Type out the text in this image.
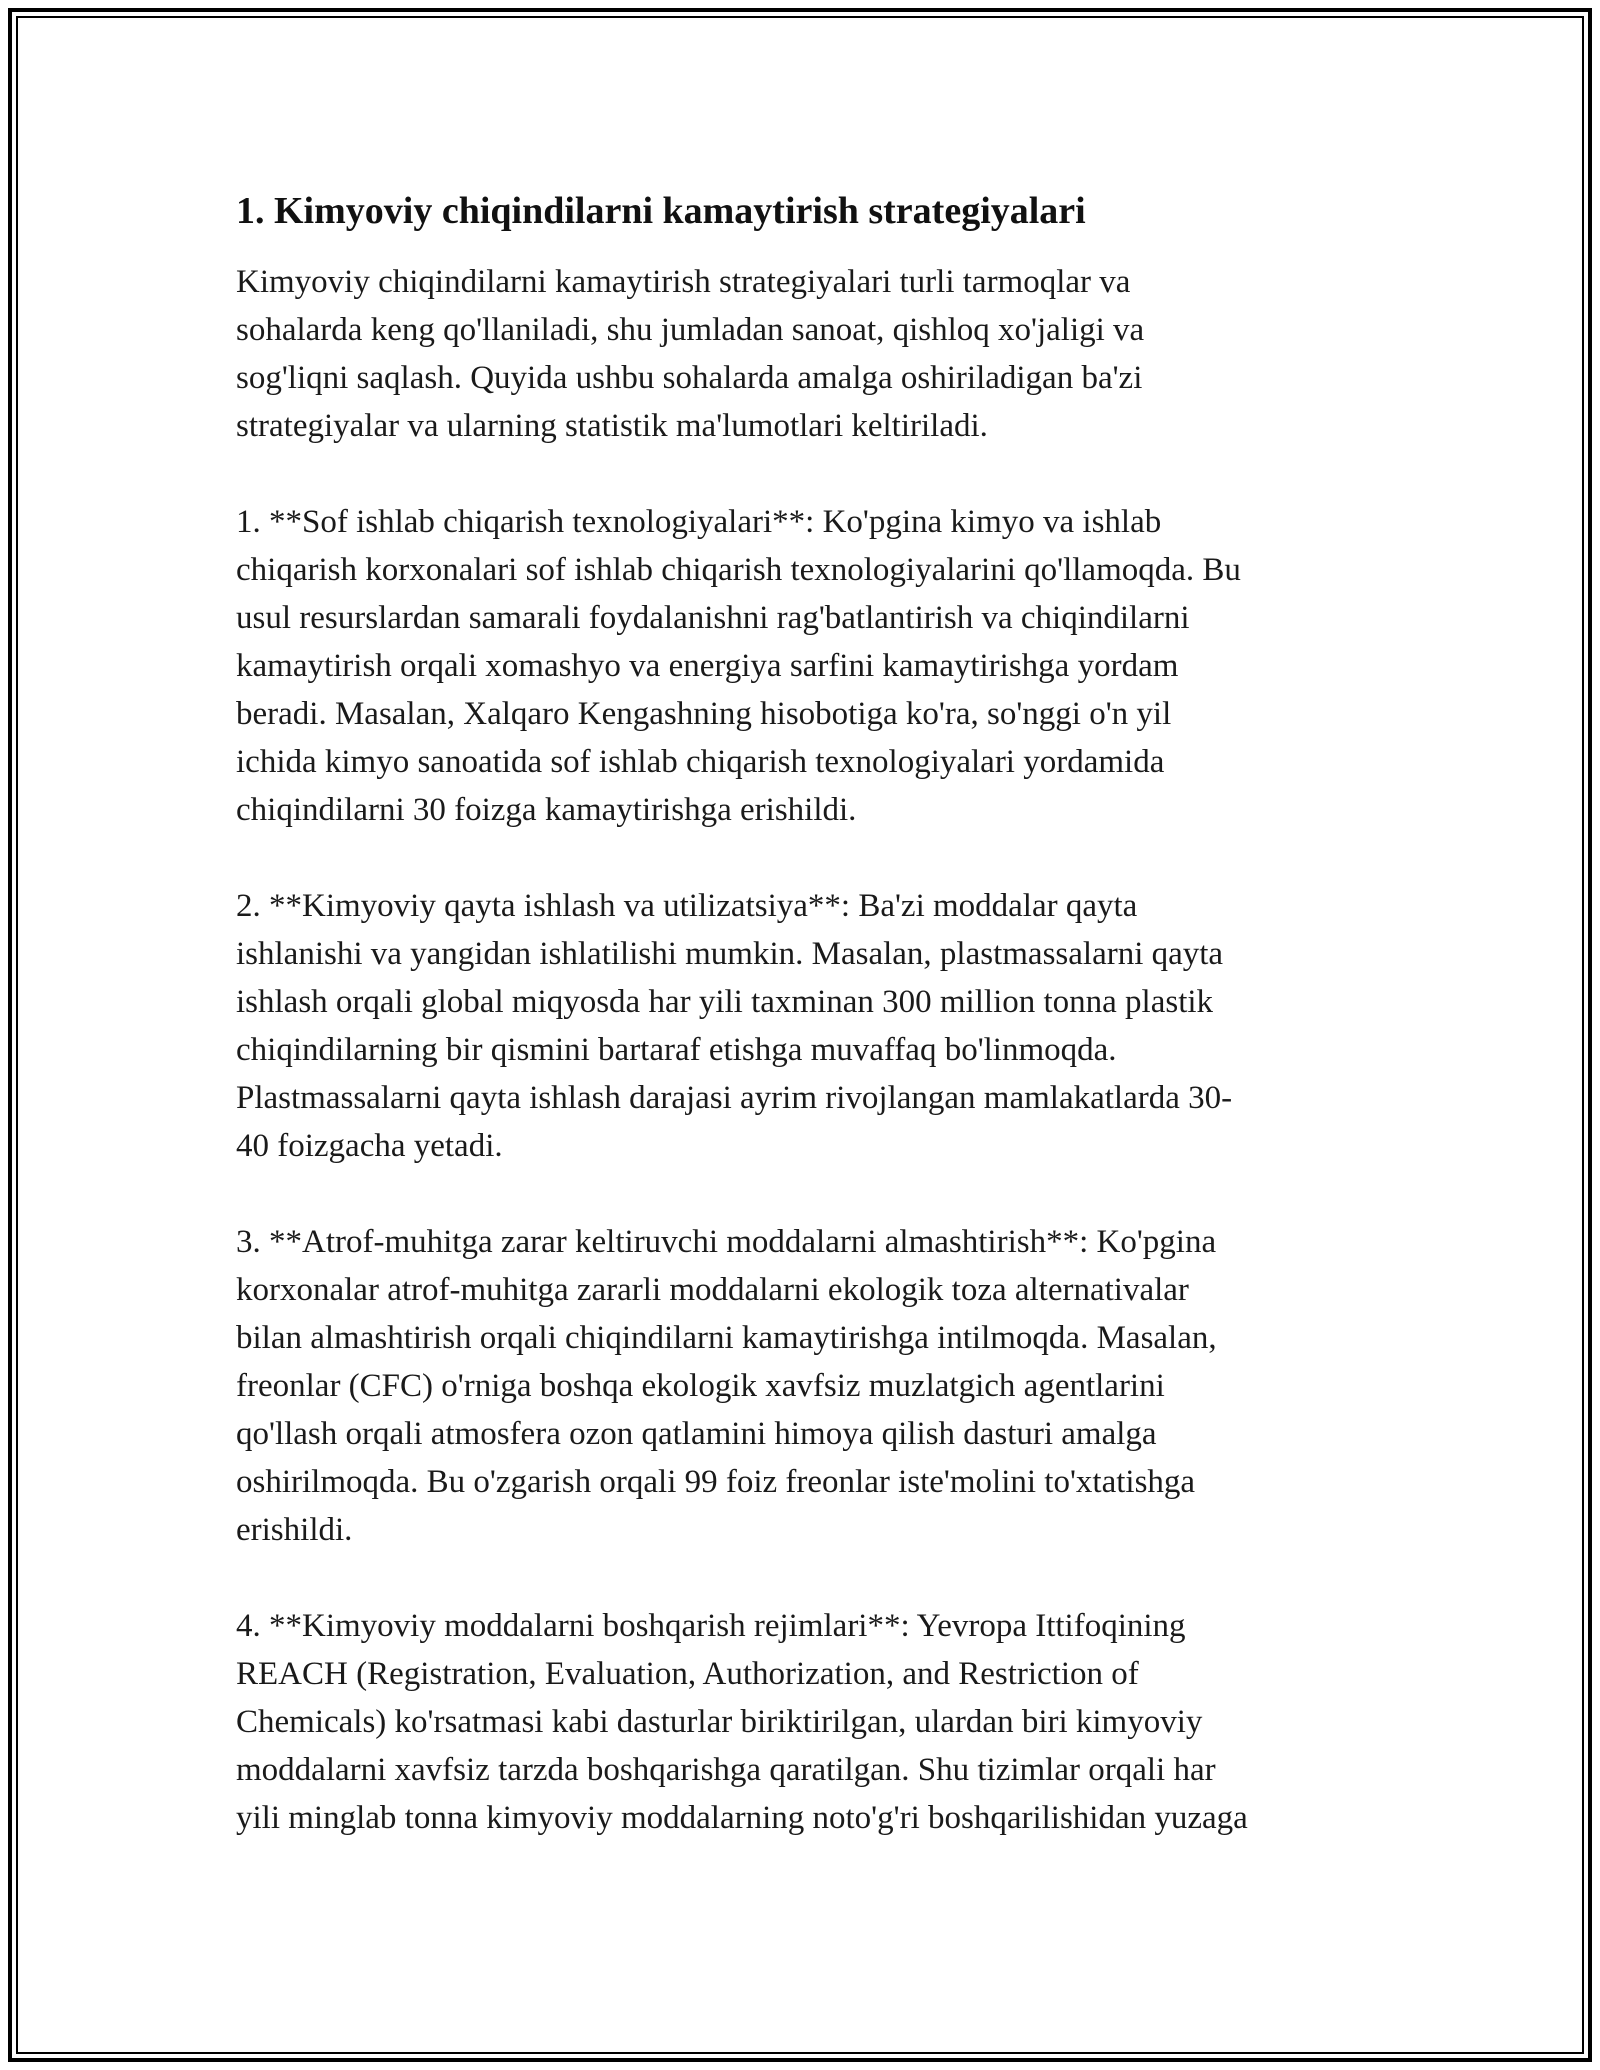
1. Kimyoviy chiqindilarni kamaytirish strategiyalari

Kimyoviy chiqindilarni kamaytirish strategiyalari turli tarmoqlar va
sohalarda keng qo'llaniladi, shu jumladan sanoat, qishloq xo'jaligi va
sog'liqni saqlash. Quyida ushbu sohalarda amalga oshiriladigan ba'zi
strategiyalar va ularning statistik ma'lumotlari keltiriladi.

1. **Sof ishlab chiqarish texnologiyalari**: Ko'pgina kimyo va ishlab
chiqarish korxonalari sof ishlab chiqarish texnologiyalarini qo'llamoqda. Bu
usul resurslardan samarali foydalanishni rag'batlantirish va chiqindilarni
kamaytirish orqali xomashyo va energiya sarfini kamaytirishga yordam
beradi. Masalan, Xalqaro Kengashning hisobotiga ko'ra, so'nggi o'n yil
ichida kimyo sanoatida sof ishlab chiqarish texnologiyalari yordamida
chiqindilarni 30 foizga kamaytirishga erishildi.

2. **Kimyoviy qayta ishlash va utilizatsiya**: Ba'zi moddalar qayta
ishlanishi va yangidan ishlatilishi mumkin. Masalan, plastmassalarni qayta
ishlash orqali global miqyosda har yili taxminan 300 million tonna plastik
chiqindilarning bir qismini bartaraf etishga muvaffaq bo'linmoqda.
Plastmassalarni qayta ishlash darajasi ayrim rivojlangan mamlakatlarda 30-
40 foizgacha yetadi.

3. **Atrof-muhitga zarar keltiruvchi moddalarni almashtirish**: Ko'pgina
korxonalar atrof-muhitga zararli moddalarni ekologik toza alternativalar
bilan almashtirish orqali chiqindilarni kamaytirishga intilmoqda. Masalan,
freonlar (CFC) o'rniga boshqa ekologik xavfsiz muzlatgich agentlarini
qo'llash orqali atmosfera ozon qatlamini himoya qilish dasturi amalga
oshirilmoqda. Bu o'zgarish orqali 99 foiz freonlar iste'molini to'xtatishga
erishildi.

4. **Kimyoviy moddalarni boshqarish rejimlari**: Yevropa Ittifoqining
REACH (Registration, Evaluation, Authorization, and Restriction of
Chemicals) ko'rsatmasi kabi dasturlar biriktirilgan, ulardan biri kimyoviy
moddalarni xavfsiz tarzda boshqarishga qaratilgan. Shu tizimlar orqali har
yili minglab tonna kimyoviy moddalarning noto'g'ri boshqarilishidan yuzaga
